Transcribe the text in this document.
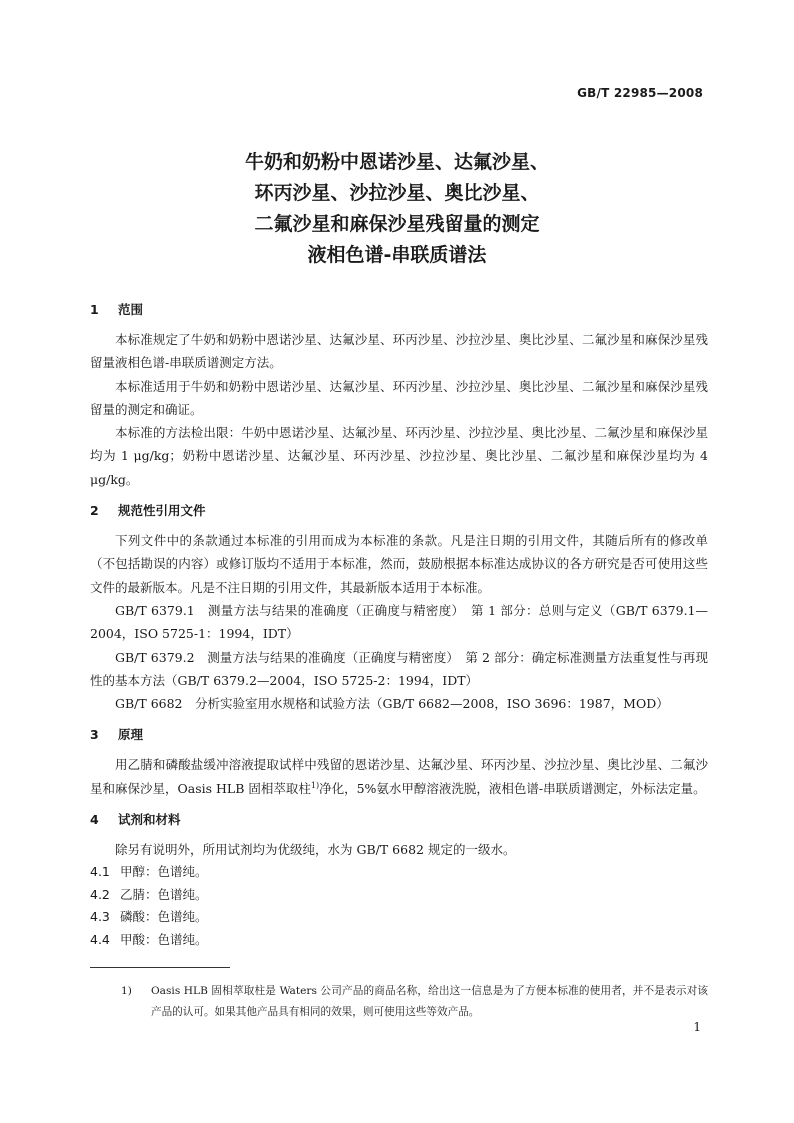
GB/T 22985—2008
牛奶和奶粉中恩诺沙星、达氟沙星、
环丙沙星、沙拉沙星、奥比沙星、
二氟沙星和麻保沙星残留量的测定
液相色谱-串联质谱法
1 范围

本标准规定了牛奶和奶粉中恩诺沙星、达氟沙星、环丙沙星、沙拉沙星、奥比沙星、二氟沙星和麻保沙星残留量液相色谱-串联质谱测定方法。

本标准适用于牛奶和奶粉中恩诺沙星、达氟沙星、环丙沙星、沙拉沙星、奥比沙星、二氟沙星和麻保沙星残留量的测定和确证。

本标准的方法检出限：牛奶中恩诺沙星、达氟沙星、环丙沙星、沙拉沙星、奥比沙星、二氟沙星和麻保沙星均为 1 μg/kg；奶粉中恩诺沙星、达氟沙星、环丙沙星、沙拉沙星、奥比沙星、二氟沙星和麻保沙星均为 4 μg/kg。

2 规范性引用文件

下列文件中的条款通过本标准的引用而成为本标准的条款。凡是注日期的引用文件，其随后所有的修改单（不包括勘误的内容）或修订版均不适用于本标准，然而，鼓励根据本标准达成协议的各方研究是否可使用这些文件的最新版本。凡是不注日期的引用文件，其最新版本适用于本标准。

GB/T 6379.1　测量方法与结果的准确度（正确度与精密度）　第 1 部分：总则与定义（GB/T 6379.1—2004，ISO 5725-1：1994，IDT）

GB/T 6379.2　测量方法与结果的准确度（正确度与精密度）　第 2 部分：确定标准测量方法重复性与再现性的基本方法（GB/T 6379.2—2004，ISO 5725-2：1994，IDT）

GB/T 6682　分析实验室用水规格和试验方法（GB/T 6682—2008，ISO 3696：1987，MOD）

3 原理

用乙腈和磷酸盐缓冲溶液提取试样中残留的恩诺沙星、达氟沙星、环丙沙星、沙拉沙星、奥比沙星、二氟沙星和麻保沙星，Oasis HLB 固相萃取柱$^{1)}$净化，5%氨水甲醇溶液洗脱，液相色谱-串联质谱测定，外标法定量。

4 试剂和材料

除另有说明外，所用试剂均为优级纯，水为 GB/T 6682 规定的一级水。

4.1 甲醇：色谱纯。

4.2 乙腈：色谱纯。

4.3 磷酸：色谱纯。

4.4 甲酸：色谱纯。

1)	Oasis HLB 固相萃取柱是 Waters 公司产品的商品名称，给出这一信息是为了方便本标准的使用者，并不是表示对该产品的认可。如果其他产品具有相同的效果，则可使用这些等效产品。
1
